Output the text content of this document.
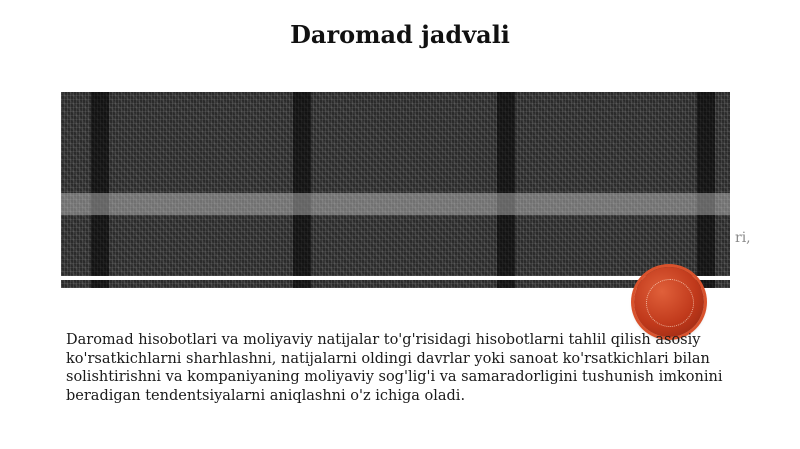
Daromad jadvali
ri,
Daromad hisobotlari va moliyaviy natijalar to'g'risidagi hisobotlarni tahlil qilish asosiy ko'rsatkichlarni sharhlashni, natijalarni oldingi davrlar yoki sanoat ko'rsatkichlari bilan solishtirishni va kompaniyaning moliyaviy sog'lig'i va samaradorligini tushunish imkonini beradigan tendentsiyalarni aniqlashni o'z ichiga oladi.
